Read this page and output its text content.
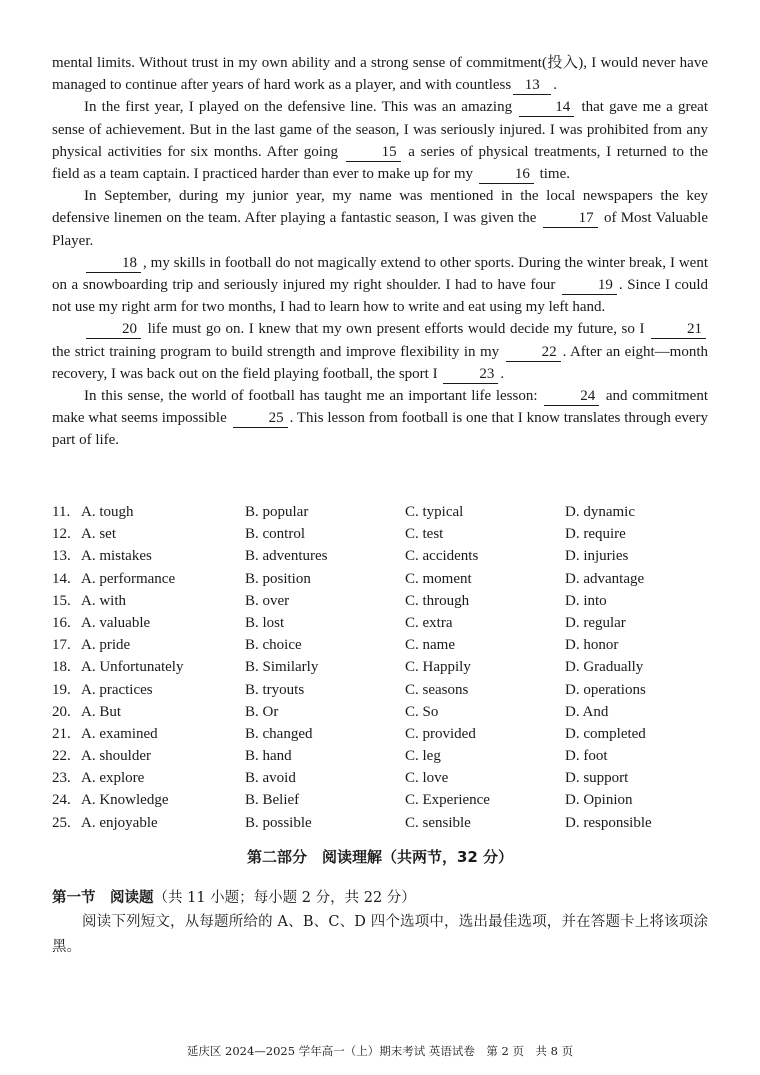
mental limits. Without trust in my own ability and a strong sense of commitment(投入), I would never have managed to continue after years of hard work as a player, and with countless 13 .

In the first year, I played on the defensive line. This was an amazing	14 that gave me a great sense of achievement. But in the last game of the season, I was seriously injured. I was prohibited from any physical activities for six months. After going	15 a series of physical treatments, I returned to the field as a team captain. I practiced harder than ever to make up for my	16 time.

In September, during my junior year, my name was mentioned in the local newspapers the key defensive linemen on the team. After playing a fantastic season, I was given the	17 of Most Valuable Player.

18 , my skills in football do not magically extend to other sports. During the winter break, I went on a snowboarding trip and seriously injured my right shoulder. I had to have four	19 . Since I could not use my right arm for two months, I had to learn how to write and eat using my left hand.

20 life must go on. I knew that my own present efforts would decide my future, so I	21 the strict training program to build strength and improve flexibility in my	22 . After an eight—month recovery, I was back out on the field playing football, the sport I	23 .

In this sense, the world of football has taught me an important life lesson:	24 and commitment make what seems impossible	25 . This lesson from football is one that I know translates through every part of life.

11. A. tough	B. popular	C. typical	D. dynamic
12. A. set	B. control	C. test	D. require
13. A. mistakes	B. adventures	C. accidents	D. injuries
14. A. performance	B. position	C. moment	D. advantage
15. A. with	B. over	C. through	D. into
16. A. valuable	B. lost	C. extra	D. regular
17. A. pride	B. choice	C. name	D. honor
18. A. Unfortunately	B. Similarly	C. Happily	D. Gradually
19. A. practices	B. tryouts	C. seasons	D. operations
20. A. But	B. Or	C. So	D. And
21. A. examined	B. changed	C. provided	D. completed
22. A. shoulder	B. hand	C. leg	D. foot
23. A. explore	B. avoid	C. love	D. support
24. A. Knowledge	B. Belief	C. Experience	D. Opinion
25. A. enjoyable	B. possible	C. sensible	D. responsible
第二部分　阅读理解（共两节，32 分）
第一节　阅读题（共 11 小题；每小题 2 分，共 22 分）
阅读下列短文，从每题所给的 A、B、C、D 四个选项中，选出最佳选项，并在答题卡上将该项涂黑。
延庆区 2024—2025 学年高一（上）期末考试 英语试卷　第 2 页　共 8 页
